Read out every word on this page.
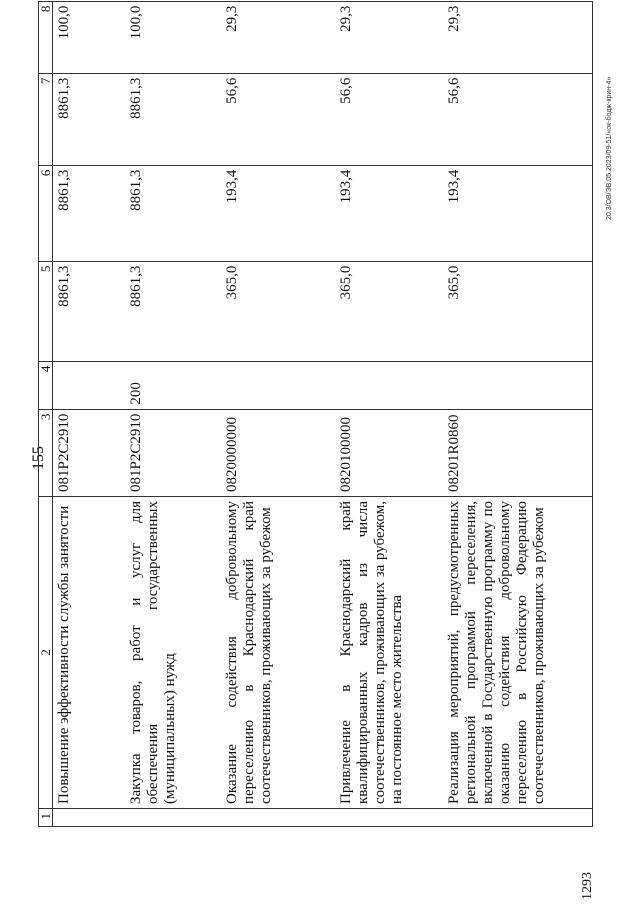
155
1	2	3	4	5	6	7	8
	Повышение эффективности службы занятости	081P2C2910		8861,3	8861,3	8861,3	100,0
	Закупка товаров, работ и услуг для обеспечения государственных (муниципальных) нужд	081P2C2910	200	8861,3	8861,3	8861,3	100,0
	Оказание содействия добровольному переселению в Краснодарский край соотечественников, проживающих за рубежом	0820000000		365,0	193,4	56,6	29,3
	Привлечение в Краснодарский край квалифицированных кадров из числа соотечественников, проживающих за рубежом, на постоянное место жительства	0820100000		365,0	193,4	56,6	29,3
	Реализация мероприятий, предусмотренных региональной программой переселения, включенной в Государственную программу по оказанию содействия добровольному переселению в Российскую Федерацию соотечественников, проживающих за рубежом	08201R0860		365,0	193,4	56,6	29,3
1293
20.3/ОВ/ЭВ.05.2023/09-51/«ок-бодж-крин-4»
